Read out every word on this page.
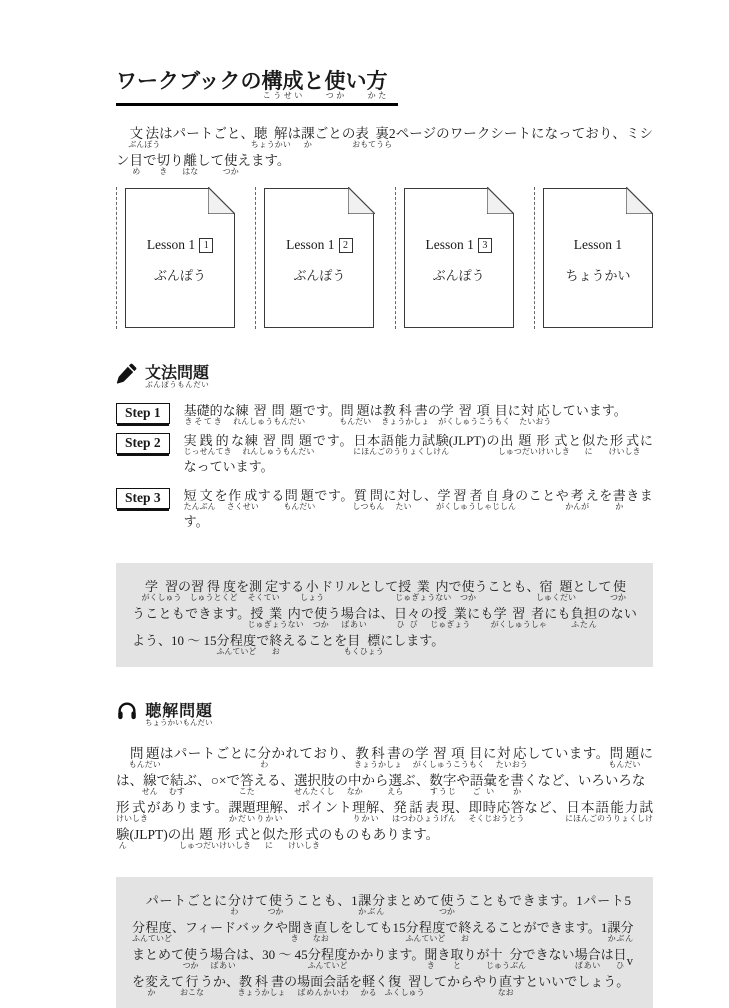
ワークブックの構成こうせいと使つかい方かた

　文法ぶんぽうはパートごと、聴解ちょうかいは課かごとの表裏おもてうら2ページのワークシートになっており、ミシン目めで切きり離はなして使つかえます。

Lesson 1 1
ぶんぽう
Lesson 1 2
ぶんぽう
Lesson 1 3
ぶんぽう
Lesson 1
ちょうかい
文法問題ぶんぽうもんだい
Step 1	基礎的きそてきな練習問題れんしゅうもんだいです。問題もんだいは教科書きょうかしょの学習項目がくしゅうこうもくに対応たいおうしています。

Step 2	実践的じっせんてきな練習問題れんしゅうもんだいです。日本語能力試験にほんごのうりょくしけん(JLPT)の出題形式しゅつだいけいしきと似にた形式けいしきになっています。

Step 3	短文たんぶんを作成さくせいする問題もんだいです。質問しつもんに対たいし、学習者自身がくしゅうしゃじしんのことや考かんがえを書かきます。

　学習がくしゅうの習得度しゅうとくどを測定そくていする小しょうドリルとして授業内じゅぎょうないで使つかうことも、宿題しゅくだいとして使つかうこともできます。授業内じゅぎょうないで使つかう場合ばあいは、日々ひびの授業じゅぎょうにも学習者がくしゅうしゃにも負担ふたんのないよう、10 〜 15分程度ふんていどで終おえることを目標もくひょうにします。
聴解問題ちょうかいもんだい

　問題もんだいはパートごとに分わかれており、教科書きょうかしょの学習項目がくしゅうこうもくに対応たいおうしています。問題もんだいには、線せんで結むすぶ、○×で答こたえる、選択肢せんたくしの中なかから選えらぶ、数字すうじや語彙ごいを書かくなど、いろいろな形式けいしきがあります。課題理解かだいりかい、ポイント理解りかい、発話表現はつわひょうげん、即時応答そくじおうとうなど、日本語能力試験にほんごのうりょくしけん(JLPT)の出題形式しゅつだいけいしきと似にた形式けいしきのものもあります。

　パートごとに分わけて使つかうことも、1課分かぶんまとめて使つかうこともできます。1パート5分程度ふんていど、フィードバックや聞きき直なおしをしても15分程度ふんていどで終おえることができます。1課分かぶんまとめて使つかう場合ばあいは、30 〜 45分程度ふんていどかかります。聞きき取とりが十分じゅうぶんできない場合ばあいは日ひを変かえて行おこなうか、教科書きょうかしょの場面会話ばめんかいわを軽かるく復習ふくしゅうしてからやり直なおすといいでしょう。
v
